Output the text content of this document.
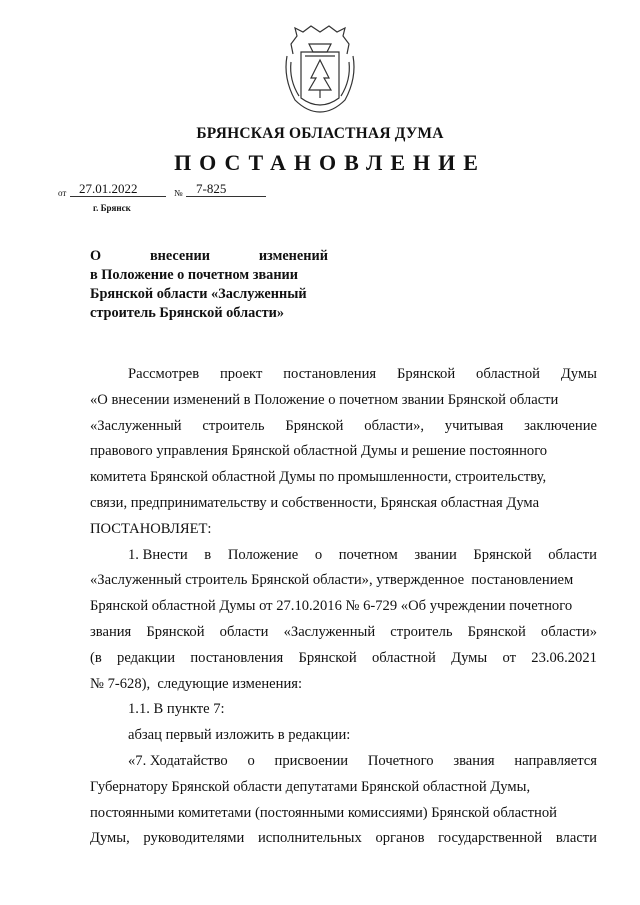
БРЯНСКАЯ ОБЛАСТНАЯ ДУМА
ПОСТАНОВЛЕНИЕ
от 27.01.2022	№ 7-825
г. Брянск
О	внесении	изменений
в Положение о почетном звании
Брянской области «Заслуженный
строитель Брянской области»
Рассмотрев проект постановления Брянской областной Думы
«О внесении изменений в Положение о почетном звании Брянской области
«Заслуженный строитель Брянской области», учитывая заключение
правового управления Брянской областной Думы и решение постоянного
комитета Брянской областной Думы по промышленности, строительству,
связи, предпринимательству и собственности, Брянская областная Дума
ПОСТАНОВЛЯЕТ:
1. Внести в Положение о почетном звании Брянской области
«Заслуженный строитель Брянской области», утвержденное  постановлением
Брянской областной Думы от 27.10.2016 № 6-729 «Об учреждении почетного
звания Брянской области «Заслуженный строитель Брянской области»
(в редакции постановления Брянской областной Думы от 23.06.2021
№ 7-628),  следующие изменения:
1.1. В пункте 7:
абзац первый изложить в редакции:
«7. Ходатайство о присвоении Почетного звания направляется
Губернатору Брянской области депутатами Брянской областной Думы,
постоянными комитетами (постоянными комиссиями) Брянской областной
Думы, руководителями исполнительных органов государственной власти
